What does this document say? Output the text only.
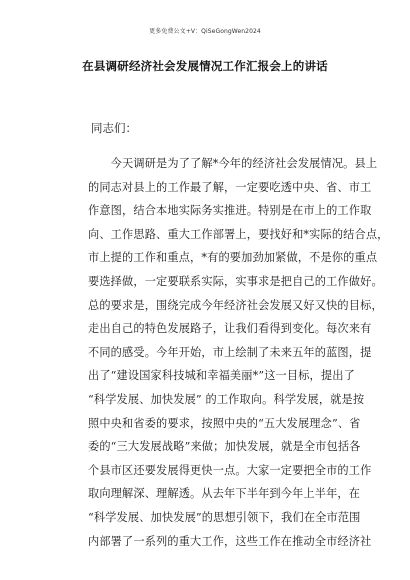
更多免费公文+V：QiSeGongWen2024
在县调研经济社会发展情况工作汇报会上的讲话
同志们：
　　今天调研是为了了解*今年的经济社会发展情况。县上
的同志对县上的工作最了解，一定要吃透中央、省、市工
作意图，结合本地实际务实推进。特别是在市上的工作取
向、工作思路、重大工作部署上，要找好和*实际的结合点，
市上提的工作和重点，*有的要加劲加紧做，不是你的重点
要选择做，一定要联系实际，实事求是把自己的工作做好。
总的要求是，围绕完成今年经济社会发展又好又快的目标，
走出自己的特色发展路子，让我们看得到变化。每次来有
不同的感受。今年开始，市上绘制了未来五年的蓝图，提
出了“建设国家科技城和幸福美丽*”这一目标，提出了
“科学发展、加快发展” 的工作取向。科学发展，就是按
照中央和省委的要求，按照中央的“五大发展理念”、省
委的“三大发展战略”来做；加快发展，就是全市包括各
个县市区还要发展得更快一点。大家一定要把全市的工作
取向理解深、理解透。从去年下半年到今年上半年，在
“科学发展、加快发展”的思想引领下，我们在全市范围
内部署了一系列的重大工作，这些工作在推动全市经济社
